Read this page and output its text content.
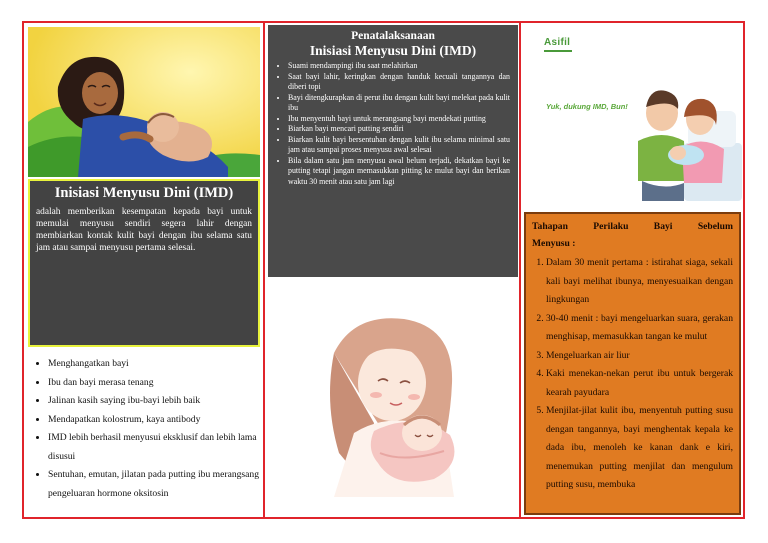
Inisiasi Menyusu Dini (IMD)

adalah memberikan kesempatan kepada bayi untuk memulai menyusu sendiri segera lahir dengan membiarkan kontak kulit bayi dengan ibu selama satu jam atau sampai menyusu pertama selesai.

• Menghangatkan bayi
• Ibu dan bayi merasa tenang
• Jalinan kasih saying ibu-bayi lebih baik
• Mendapatkan kolostrum, kaya antibody
• IMD lebih berhasil menyusui eksklusif dan lebih lama disusui
• Sentuhan, emutan, jilatan pada putting ibu merangsang pengeluaran hormone oksitosin
Penatalaksanaan
Inisiasi Menyusu Dini (IMD)
• Suami mendampingi ibu saat melahirkan
• Saat bayi lahir, keringkan dengan handuk kecuali tangannya dan diberi topi
• Bayi ditengkurapkan di perut ibu dengan kulit bayi melekat pada kulit ibu
• Ibu menyentuh bayi untuk merangsang bayi mendekati putting
• Biarkan bayi mencari putting sendiri
• Biarkan kulit bayi bersentuhan dengan kulit ibu selama minimal satu jam atau sampai proses menyusu awal selesai
• Bila dalam satu jam menyusu awal belum terjadi, dekatkan bayi ke putting tetapi jangan memasukkan pitting ke mulut bayi dan berikan waktu 30 menit atau satu jam lagi
Asifil
Yuk, dukung IMD, Bun!
Tahapan Perilaku Bayi Sebelum
Menyusu :
1. Dalam 30 menit pertama : istirahat siaga, sekali kali bayi melihat ibunya, menyesuaikan dengan lingkungan
2. 30-40 menit : bayi mengeluarkan suara, gerakan menghisap, memasukkan tangan ke mulut
3. Mengeluarkan air liur
4. Kaki menekan-nekan perut ibu untuk bergerak kearah payudara
5. Menjilat-jilat kulit ibu, menyentuh putting susu dengan tangannya, bayi menghentak kepala ke dada ibu, menoleh ke kanan dank e kiri, menemukan putting menjilat dan mengulum putting susu, membuka
